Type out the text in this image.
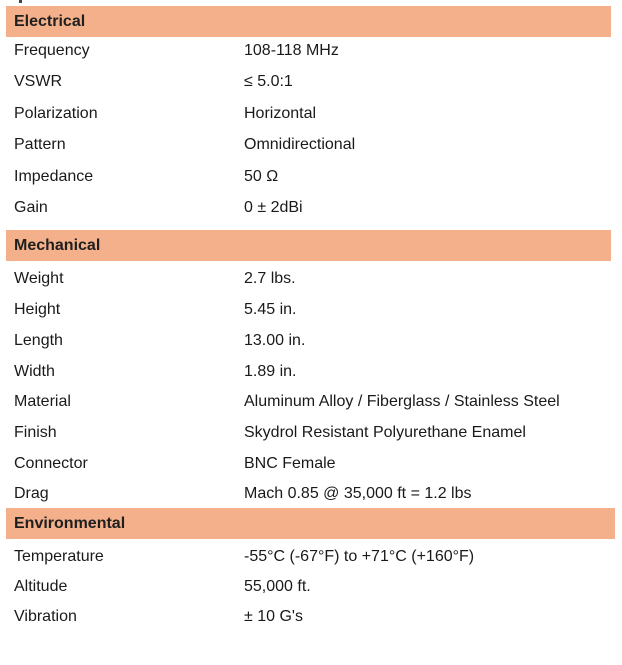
Electrical
Frequency	108-118 MHz
VSWR	≤ 5.0:1
Polarization	Horizontal
Pattern	Omnidirectional
Impedance	50 Ω
Gain	0 ± 2dBi
Mechanical
Weight	2.7 lbs.
Height	5.45 in.
Length	13.00 in.
Width	1.89 in.
Material	Aluminum Alloy / Fiberglass / Stainless Steel
Finish	Skydrol Resistant Polyurethane Enamel
Connector	BNC Female
Drag	Mach 0.85 @ 35,000 ft = 1.2 lbs
Environmental
Temperature	-55°C (-67°F) to +71°C (+160°F)
Altitude	55,000 ft.
Vibration	± 10 G's
